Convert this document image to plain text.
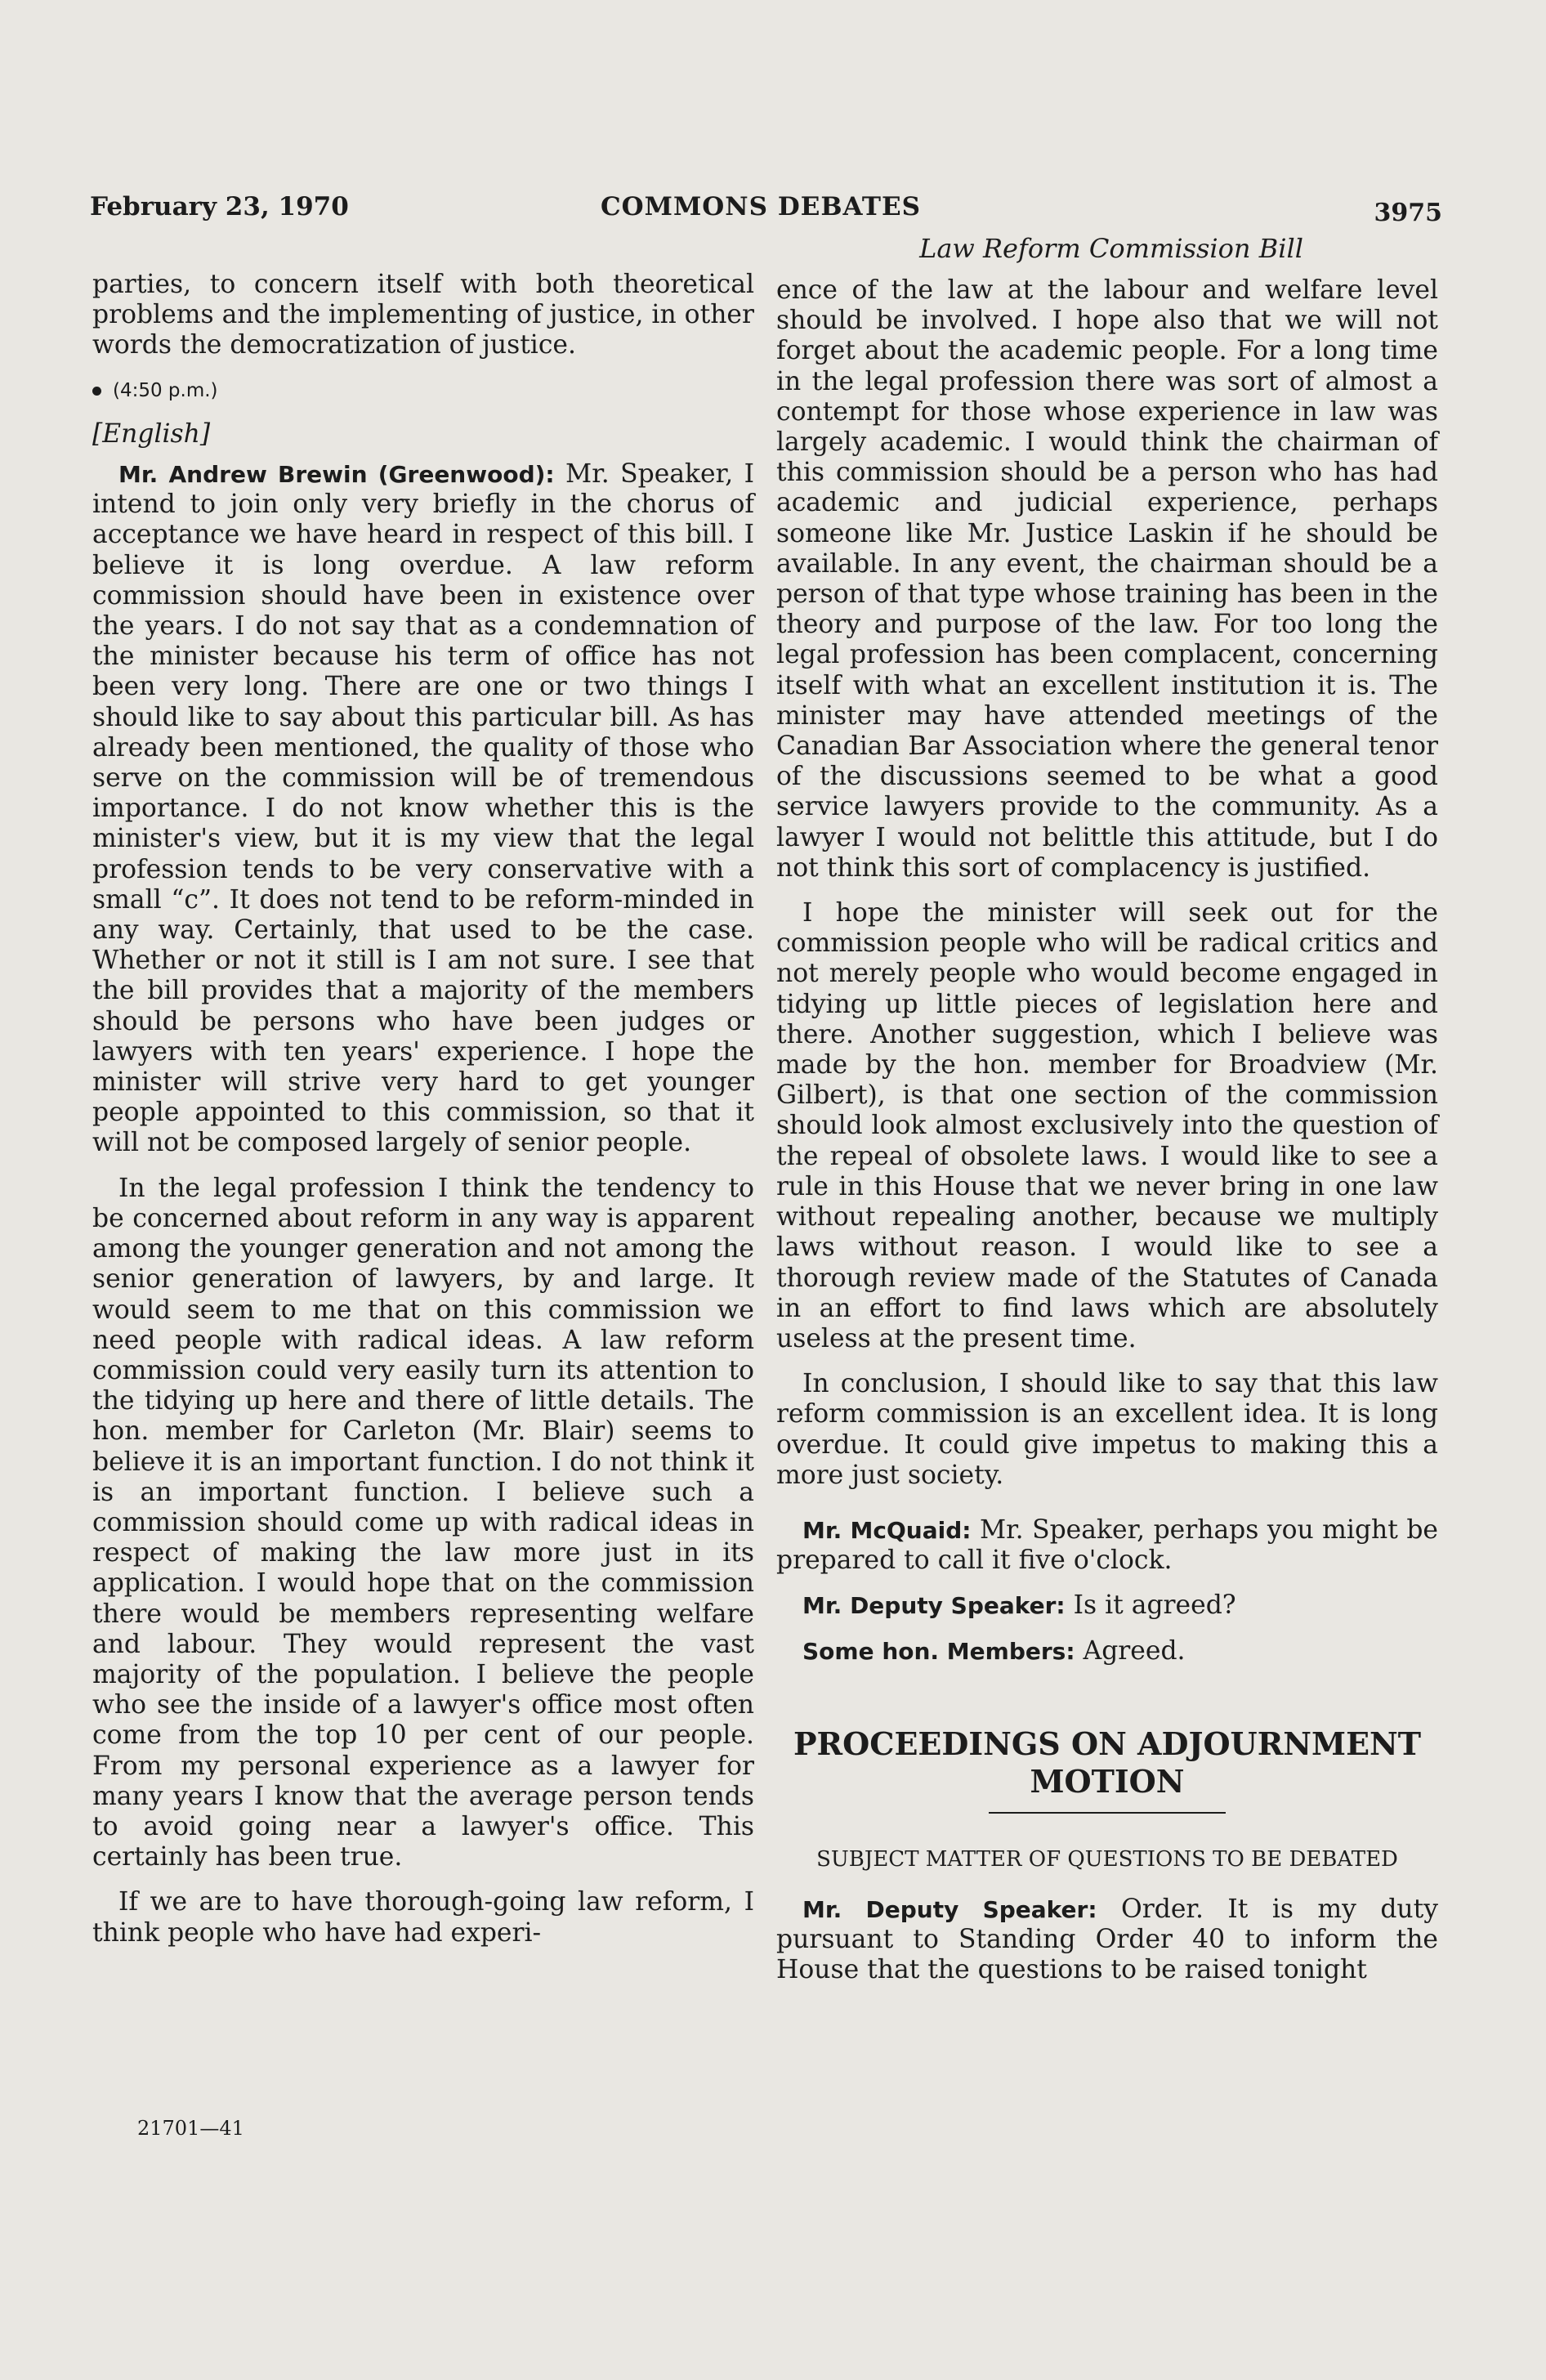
February 23, 1970	COMMONS DEBATES	3975
Law Reform Commission Bill

parties, to concern itself with both theoretical problems and the implementing of justice, in other words the democratization of justice.

(4:50 p.m.)
[English]

Mr. Andrew Brewin (Greenwood): Mr. Speaker, I intend to join only very briefly in the chorus of acceptance we have heard in respect of this bill. I believe it is long overdue. A law reform commission should have been in existence over the years. I do not say that as a condemnation of the minister because his term of office has not been very long. There are one or two things I should like to say about this particular bill. As has already been mentioned, the quality of those who serve on the commission will be of tremendous importance. I do not know whether this is the minister's view, but it is my view that the legal profession tends to be very conservative with a small “c”. It does not tend to be reform-minded in any way. Certainly, that used to be the case. Whether or not it still is I am not sure. I see that the bill provides that a majority of the members should be persons who have been judges or lawyers with ten years' experience. I hope the minister will strive very hard to get younger people appointed to this commission, so that it will not be composed largely of senior people.

In the legal profession I think the tendency to be concerned about reform in any way is apparent among the younger generation and not among the senior generation of lawyers, by and large. It would seem to me that on this commission we need people with radical ideas. A law reform commission could very easily turn its attention to the tidying up here and there of little details. The hon. member for Carleton (Mr. Blair) seems to believe it is an important function. I do not think it is an important function. I believe such a commission should come up with radical ideas in respect of making the law more just in its application. I would hope that on the commission there would be members representing welfare and labour. They would represent the vast majority of the population. I believe the people who see the inside of a lawyer's office most often come from the top 10 per cent of our people. From my personal experience as a lawyer for many years I know that the average person tends to avoid going near a lawyer's office. This certainly has been true.

If we are to have thorough-going law reform, I think people who have had experi-

21701—41

ence of the law at the labour and welfare level should be involved. I hope also that we will not forget about the academic people. For a long time in the legal profession there was sort of almost a contempt for those whose experience in law was largely academic. I would think the chairman of this commission should be a person who has had academic and judicial experience, perhaps someone like Mr. Justice Laskin if he should be available. In any event, the chairman should be a person of that type whose training has been in the theory and purpose of the law. For too long the legal profession has been complacent, concerning itself with what an excellent institution it is. The minister may have attended meetings of the Canadian Bar Association where the general tenor of the discussions seemed to be what a good service lawyers provide to the community. As a lawyer I would not belittle this attitude, but I do not think this sort of complacency is justified.

I hope the minister will seek out for the commission people who will be radical critics and not merely people who would become engaged in tidying up little pieces of legislation here and there. Another suggestion, which I believe was made by the hon. member for Broadview (Mr. Gilbert), is that one section of the commission should look almost exclusively into the question of the repeal of obsolete laws. I would like to see a rule in this House that we never bring in one law without repealing another, because we multiply laws without reason. I would like to see a thorough review made of the Statutes of Canada in an effort to find laws which are absolutely useless at the present time.

In conclusion, I should like to say that this law reform commission is an excellent idea. It is long overdue. It could give impetus to making this a more just society.

Mr. McQuaid: Mr. Speaker, perhaps you might be prepared to call it five o'clock.

Mr. Deputy Speaker: Is it agreed?

Some hon. Members: Agreed.

PROCEEDINGS ON ADJOURNMENT MOTION
SUBJECT MATTER OF QUESTIONS TO BE DEBATED

Mr. Deputy Speaker: Order. It is my duty pursuant to Standing Order 40 to inform the House that the questions to be raised tonight
